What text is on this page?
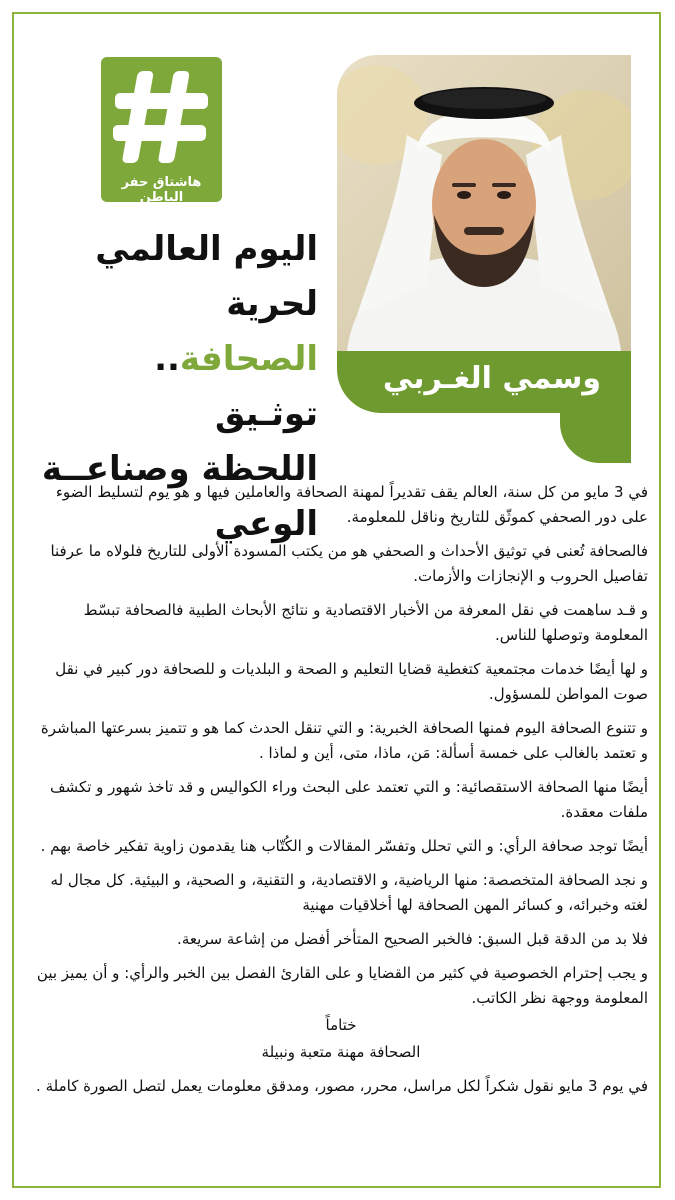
هاشتاق حفر الباطن
وسمي الغـربي
اليوم العالمي لحرية
الصحافة.. توثـيق
اللحظة وصناعــة
الوعي

في 3 مايو من كل سنة، العالم يقف تقديراً لمهنة الصحافة والعاملين فيها و هو يوم لتسليط الضوء على دور الصحفي كموثّق للتاريخ وناقل للمعلومة.

فالصحافة تُعنى في توثيق الأحداث و الصحفي هو من يكتب المسودة الأولى للتاريخ فلولاه ما عرفنا تفاصيل الحروب و الإنجازات والأزمات.

و قـد ساهمت في نقل المعرفة من الأخبار الاقتصادية و نتائج الأبحاث الطبية فالصحافة تبسّط المعلومة وتوصلها للناس.

و لها أيضًا خدمات مجتمعية كتغطية قضايا التعليم و الصحة و البلديات و للصحافة دور كبير في نقل صوت المواطن للمسؤول.

و تتنوع الصحافة اليوم فمنها الصحافة الخبرية: و التي تنقل الحدث كما هو و تتميز بسرعتها المباشرة و تعتمد بالغالب على خمسة أسألة: مَن، ماذا، متى، أين و لماذا .

أيضًا منها الصحافة الاستقصائية: و التي تعتمد على البحث وراء الكواليس و قد تاخذ شهور و تكشف ملفات معقدة.

أيضًا توجد صحافة الرأي: و التي تحلل وتفسّر المقالات و الكُتّاب هنا يقدمون زاوية تفكير خاصة بهم .

و نجد الصحافة المتخصصة: منها الرياضية، و الاقتصادية، و التقنية، و الصحية، و البيئية. كل مجال له لغته وخبرائه، و كسائر المهن الصحافة لها أخلاقيات مهنية

فلا بد من الدقة قبل السبق: فالخبر الصحيح المتأخر أفضل من إشاعة سريعة.

و يجب إحترام الخصوصية في كثير من القضايا و على القارئ الفصل بين الخبر والرأي: و أن يميز بين المعلومة ووجهة نظر الكاتب.

ختاماً

الصحافة مهنة متعبة ونبيلة

في يوم 3 مايو نقول شكراً لكل مراسل، محرر، مصور، ومدقق معلومات يعمل لتصل الصورة كاملة .
